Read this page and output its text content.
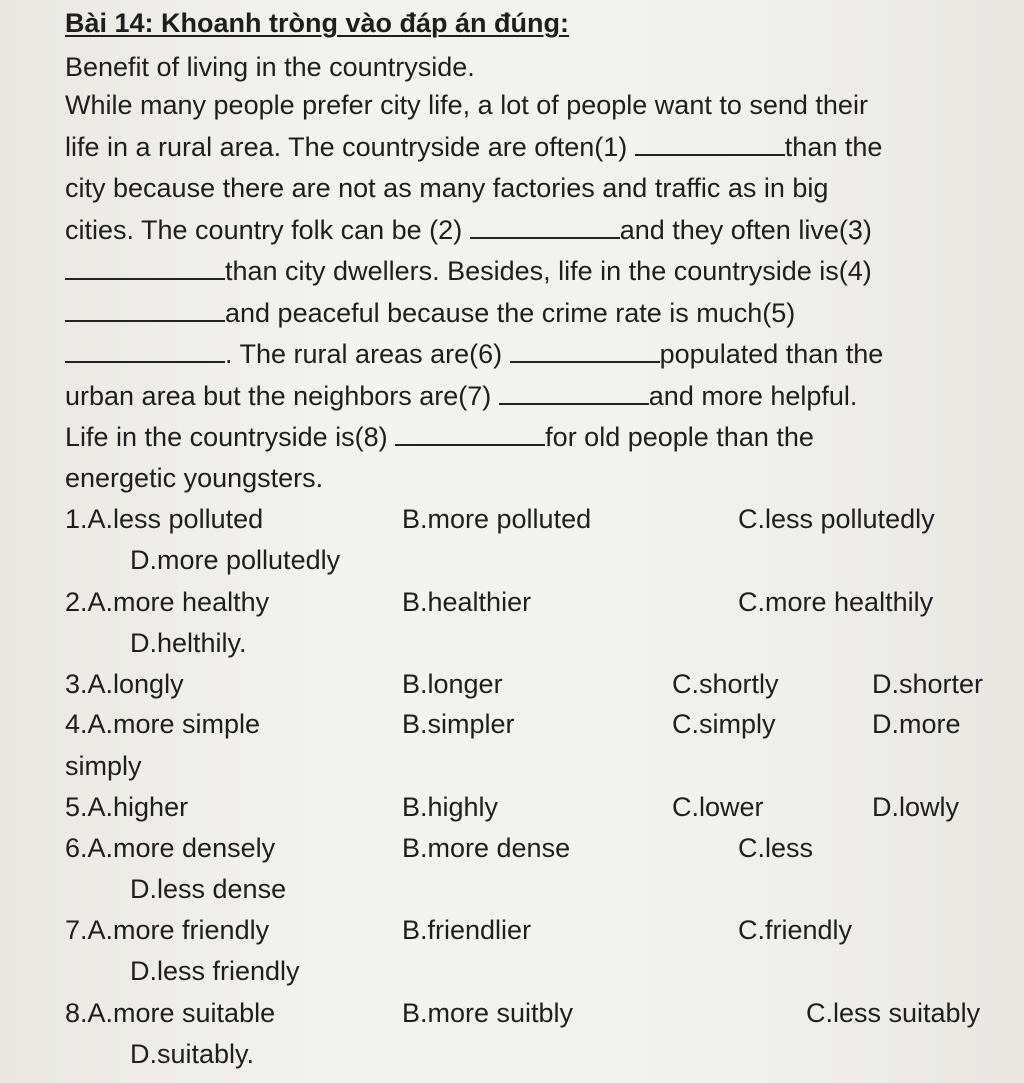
Bài 14: Khoanh tròng vào đáp án đúng:
Benefit of living in the countryside.
While many people prefer city life, a lot of people want to send their
life in a rural area. The countryside are often(1)	than the
city because there are not as many factories and traffic as in big
cities. The country folk can be (2)	and they often live(3)
than city dwellers. Besides, life in the countryside is(4)
and peaceful because the crime rate is much(5)
. The rural areas are(6)	populated than the
urban area but the neighbors are(7)	and more helpful.
Life in the countryside is(8)	for old people than the
energetic youngsters.
1.A.less polluted	B.more polluted	C.less pollutedly
D.more pollutedly
2.A.more healthy	B.healthier	C.more healthily
D.helthily.
3.A.longly	B.longer	C.shortly	D.shorter
4.A.more simple	B.simpler	C.simply	D.more
simply
5.A.higher	B.highly	C.lower	D.lowly
6.A.more densely	B.more dense	C.less
D.less dense
7.A.more friendly	B.friendlier	C.friendly
D.less friendly
8.A.more suitable	B.more suitbly	C.less suitably
D.suitably.
